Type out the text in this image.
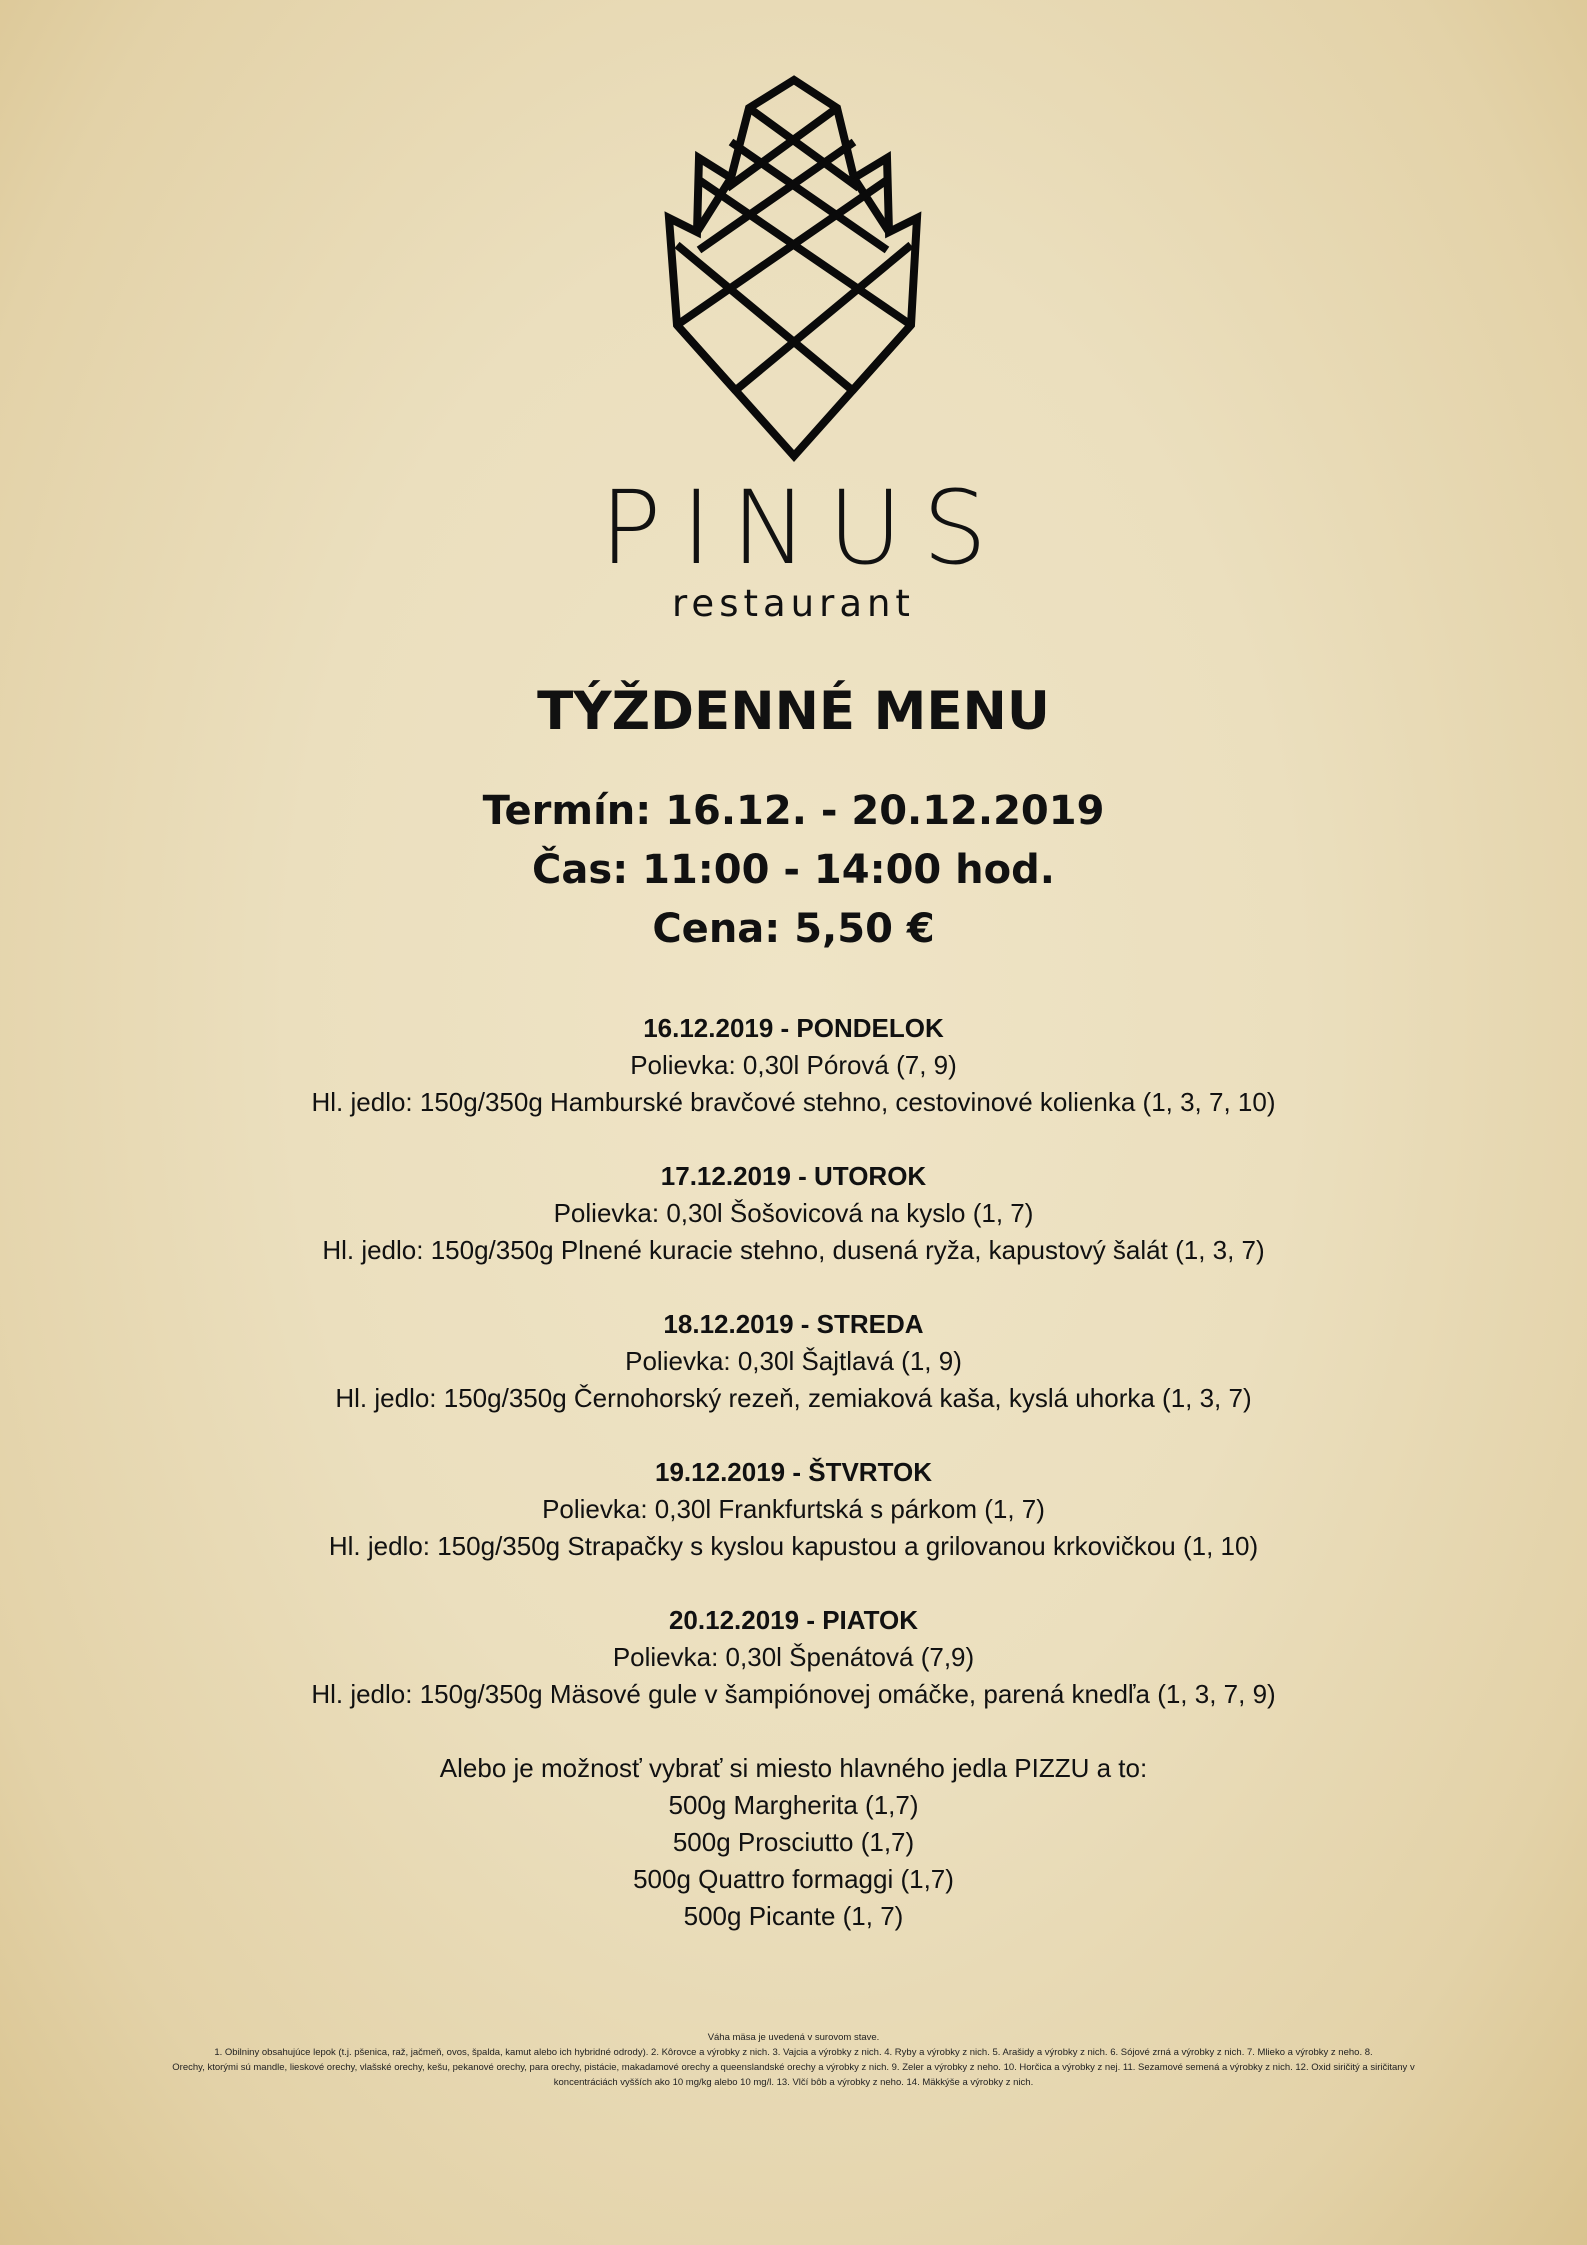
PINUS
restaurant
TÝŽDENNÉ MENU
Termín: 16.12. - 20.12.2019
Čas: 11:00 - 14:00 hod.
Cena: 5,50 €
16.12.2019 - PONDELOK
Polievka: 0,30l Pórová (7, 9)
Hl. jedlo: 150g/350g Hamburské bravčové stehno, cestovinové kolienka (1, 3, 7, 10)
17.12.2019 - UTOROK
Polievka: 0,30l Šošovicová na kyslo (1, 7)
Hl. jedlo: 150g/350g Plnené kuracie stehno, dusená ryža, kapustový šalát (1, 3, 7)
18.12.2019 - STREDA
Polievka: 0,30l Šajtlavá (1, 9)
Hl. jedlo: 150g/350g Černohorský rezeň, zemiaková kaša, kyslá uhorka (1, 3, 7)
19.12.2019 - ŠTVRTOK
Polievka: 0,30l Frankfurtská s párkom (1, 7)
Hl. jedlo: 150g/350g Strapačky s kyslou kapustou a grilovanou krkovičkou (1, 10)
20.12.2019 - PIATOK
Polievka: 0,30l Špenátová (7,9)
Hl. jedlo: 150g/350g Mäsové gule v šampiónovej omáčke, parená knedľa (1, 3, 7, 9)
Alebo je možnosť vybrať si miesto hlavného jedla PIZZU a to:
500g Margherita (1,7)
500g Prosciutto (1,7)
500g Quattro formaggi (1,7)
500g Picante (1, 7)
Váha mäsa je uvedená v surovom stave.
1. Obilniny obsahujúce lepok (t.j. pšenica, raž, jačmeň, ovos, špalda, kamut alebo ich hybridné odrody). 2. Kôrovce a výrobky z nich. 3. Vajcia a výrobky z nich. 4. Ryby a výrobky z nich. 5. Arašidy a výrobky z nich. 6. Sójové zrná a výrobky z nich. 7. Mlieko a výrobky z neho. 8.
Orechy, ktorými sú mandle, lieskové orechy, vlašské orechy, kešu, pekanové orechy, para orechy, pistácie, makadamové orechy a queenslandské orechy a výrobky z nich. 9. Zeler a výrobky z neho. 10. Horčica a výrobky z nej. 11. Sezamové semená a výrobky z nich. 12. Oxid siričitý a siričitany v
koncentráciách vyšších ako 10 mg/kg alebo 10 mg/l. 13. Vlčí bôb a výrobky z neho. 14. Mäkkýše a výrobky z nich.
